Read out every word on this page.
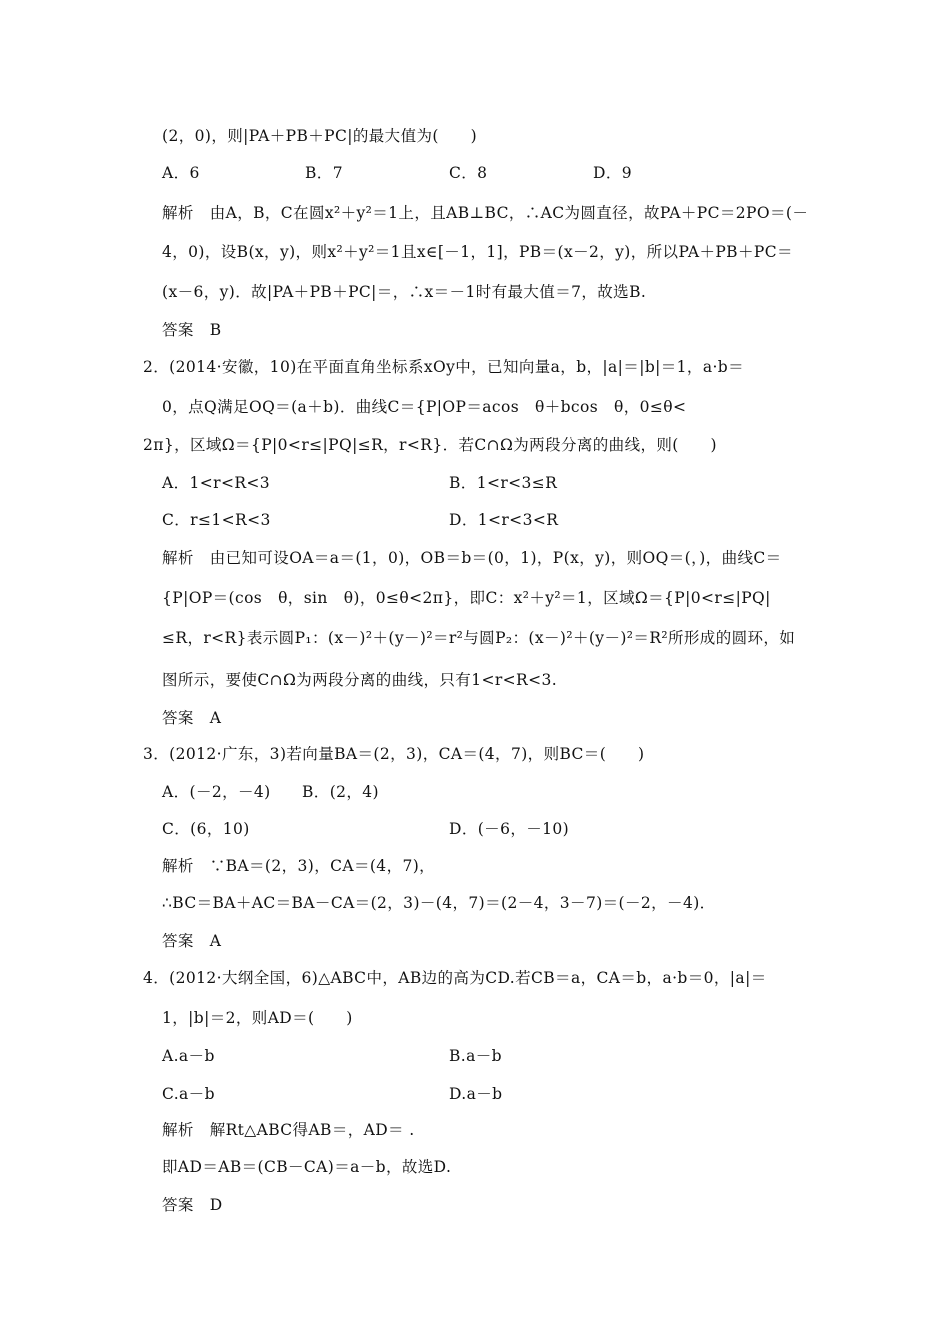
(2，0)，则|PA＋PB＋PC|的最大值为(　　)
A．6	B．7	C．8	D．9
解析　由A，B，C在圆x²＋y²＝1上，且AB⊥BC，∴AC为圆直径，故PA＋PC＝2PO＝(－
4，0)，设B(x，y)，则x²＋y²＝1且x∈[－1，1]，PB＝(x－2，y)，所以PA＋PB＋PC＝
(x－6，y)．故|PA＋PB＋PC|＝，∴x＝－1时有最大值＝7，故选B.
答案　B
2．(2014·安徽，10)在平面直角坐标系xOy中，已知向量a，b，|a|＝|b|＝1，a·b＝
0，点Q满足OQ＝(a＋b)．曲线C＝{P|OP＝acos　θ＋bcos　θ，0≤θ<
2π}，区域Ω＝{P|0<r≤|PQ|≤R，r<R}．若C∩Ω为两段分离的曲线，则(　　)
A．1<r<R<3	B．1<r<3≤R
C．r≤1<R<3	D．1<r<3<R
解析　由已知可设OA＝a＝(1，0)，OB＝b＝(0，1)，P(x，y)，则OQ＝(，)，曲线C＝
{P|OP＝(cos　θ，sin　θ)，0≤θ<2π}，即C：x²＋y²＝1，区域Ω＝{P|0<r≤|PQ|
≤R，r<R}表示圆P₁：(x－)²＋(y－)²＝r²与圆P₂：(x－)²＋(y－)²＝R²所形成的圆环，如
图所示，要使C∩Ω为两段分离的曲线，只有1<r<R<3.
答案　A
3．(2012·广东，3)若向量BA＝(2，3)，CA＝(4，7)，则BC＝(　　)
A．(－2，－4) B．(2，4)
C．(6，10)	D．(－6，－10)
解析　∵BA＝(2，3)，CA＝(4，7)，
∴BC＝BA＋AC＝BA－CA＝(2，3)－(4，7)＝(2－4，3－7)＝(－2，－4)．
答案　A
4．(2012·大纲全国，6)△ABC中，AB边的高为CD.若CB＝a，CA＝b，a·b＝0，|a|＝
1，|b|＝2，则AD＝(　　)
A.a－b	B.a－b
C.a－b	D.a－b
解析　解Rt△ABC得AB＝，AD＝ .
即AD＝AB＝(CB－CA)＝a－b，故选D.
答案　D
